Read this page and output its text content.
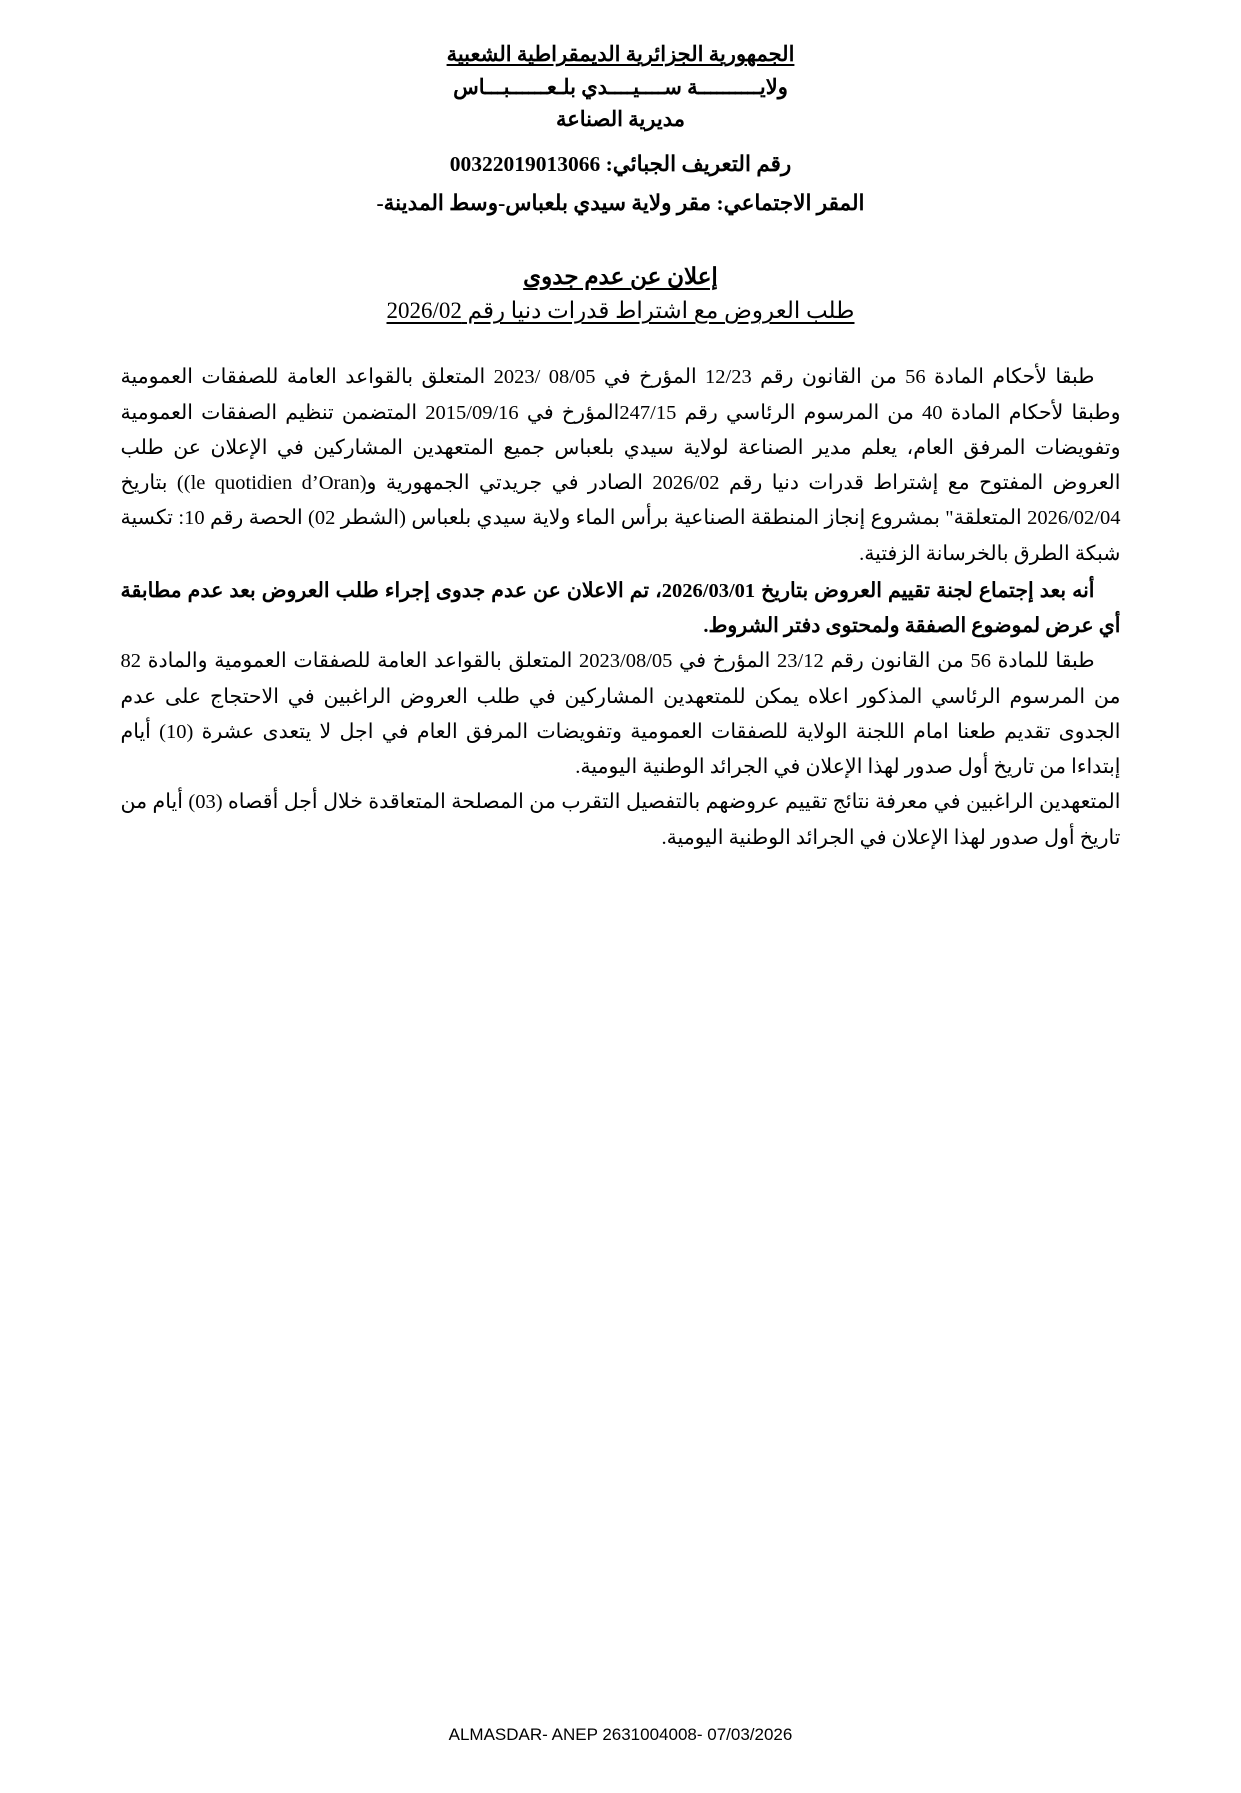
الجمهورية الجزائرية الديمقراطية الشعبية
ولايــــــــــة ســــيــــدي بلـعــــــبـــاس
مديرية الصناعة
رقم التعريف الجبائي: 00322019013066
المقر الاجتماعي: مقر ولاية سيدي بلعباس-وسط المدينة-
إعلان عن عدم جدوى
طلب العروض مع اشتراط قدرات دنيا رقم 2026/02

طبقا لأحكام المادة 56 من القانون رقم 12/23 المؤرخ في 08/05 /2023 المتعلق بالقواعد العامة للصفقات العمومية وطبقا لأحكام المادة 40 من المرسوم الرئاسي رقم 247/15المؤرخ في 2015/09/16 المتضمن تنظيم الصفقات العمومية وتفويضات المرفق العام، يعلم مدير الصناعة لولاية سيدي بلعباس جميع المتعهدين المشاركين في الإعلان عن طلب العروض المفتوح مع إشتراط قدرات دنيا رقم 2026/02 الصادر في جريدتي الجمهورية و(le quotidien d’Oran)) بتاريخ 2026/02/04 المتعلقة" بمشروع إنجاز المنطقة الصناعية برأس الماء ولاية سيدي بلعباس (الشطر 02) الحصة رقم 10: تكسية شبكة الطرق بالخرسانة الزفتية.

أنه بعد إجتماع لجنة تقييم العروض بتاريخ 2026/03/01، تم الاعلان عن عدم جدوى إجراء طلب العروض بعد عدم مطابقة أي عرض لموضوع الصفقة ولمحتوى دفتر الشروط.

طبقا للمادة 56 من القانون رقم 23/12 المؤرخ في 2023/08/05 المتعلق بالقواعد العامة للصفقات العمومية والمادة 82 من المرسوم الرئاسي المذكور اعلاه يمكن للمتعهدين المشاركين في طلب العروض الراغبين في الاحتجاج على عدم الجدوى تقديم طعنا امام اللجنة الولاية للصفقات العمومية وتفويضات المرفق العام في اجل لا يتعدى عشرة (10) أيام إبتداءا من تاريخ أول صدور لهذا الإعلان في الجرائد الوطنية اليومية.

المتعهدين الراغبين في معرفة نتائج تقييم عروضهم بالتفصيل التقرب من المصلحة المتعاقدة خلال أجل أقصاه (03) أيام من تاريخ أول صدور لهذا الإعلان في الجرائد الوطنية اليومية.

ALMASDAR- ANEP 2631004008- 07/03/2026
